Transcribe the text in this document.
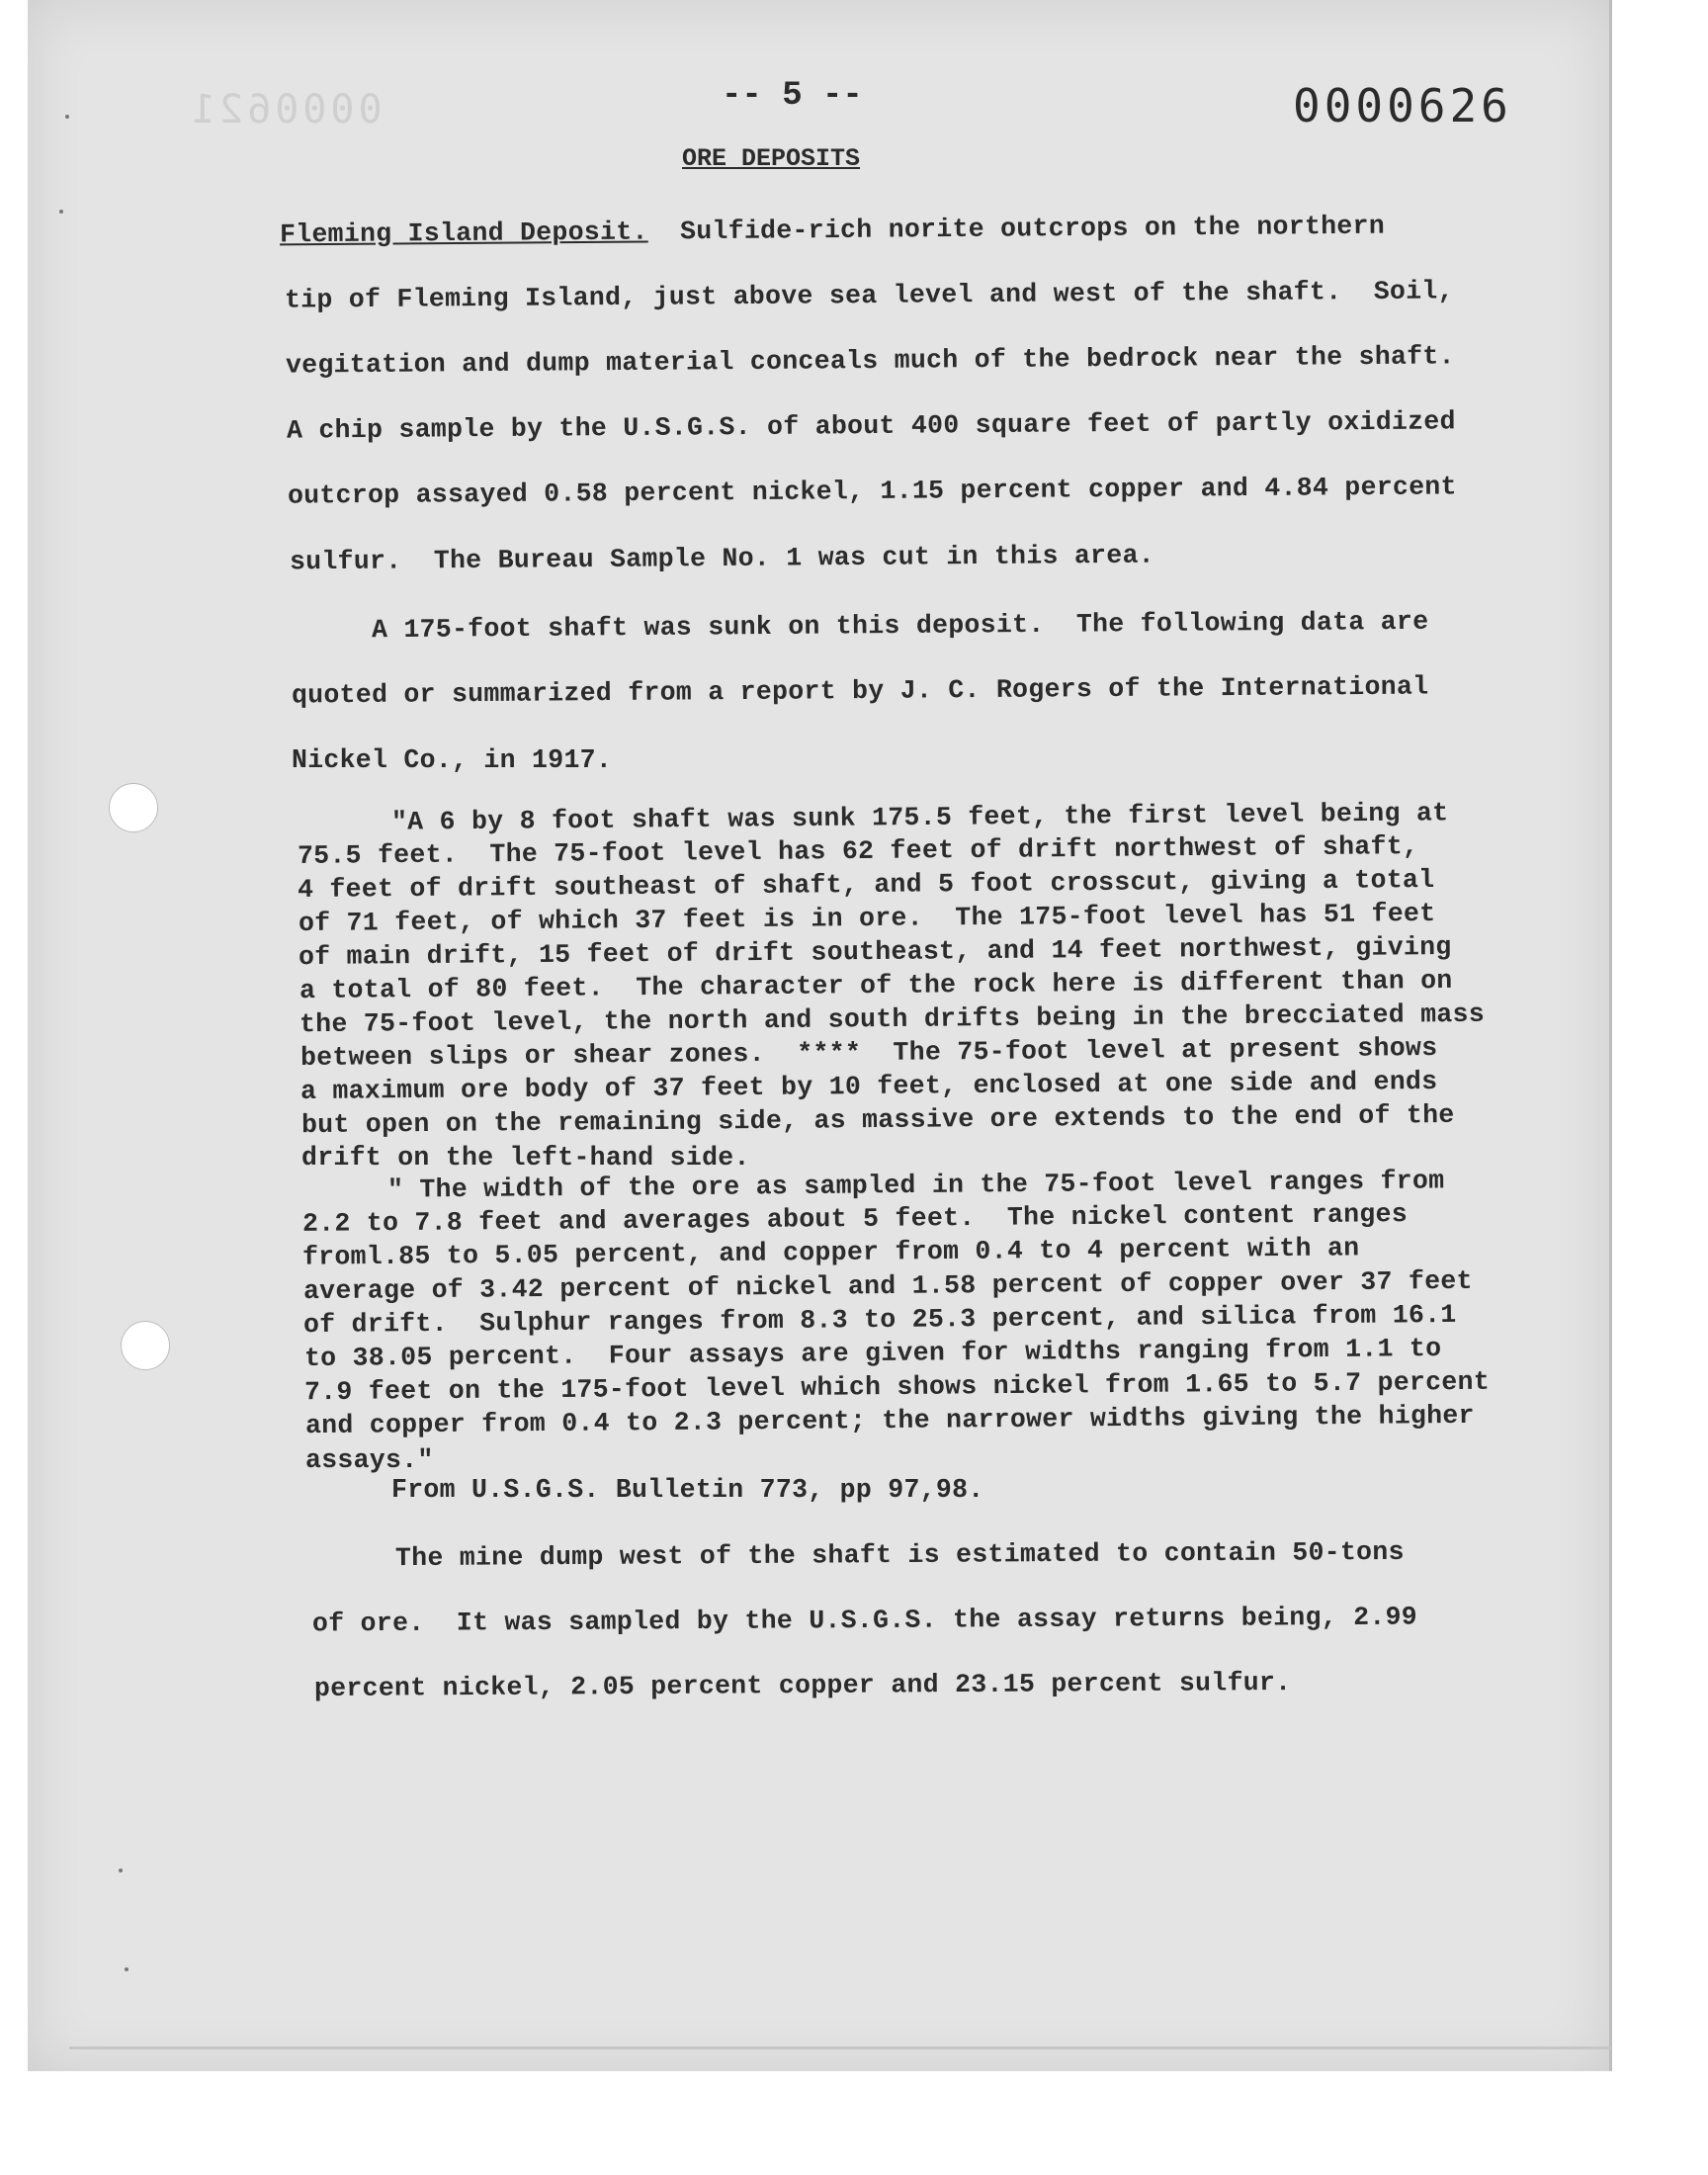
0000621	-- 5 --	0000626
ORE DEPOSITS
Fleming Island Deposit.  Sulfide-rich norite outcrops on the northern
tip of Fleming Island, just above sea level and west of the shaft.  Soil,
vegitation and dump material conceals much of the bedrock near the shaft.
A chip sample by the U.S.G.S. of about 400 square feet of partly oxidized
outcrop assayed 0.58 percent nickel, 1.15 percent copper and 4.84 percent
sulfur.  The Bureau Sample No. 1 was cut in this area.
A 175-foot shaft was sunk on this deposit.  The following data are
quoted or summarized from a report by J. C. Rogers of the International
Nickel Co., in 1917.
"A 6 by 8 foot shaft was sunk 175.5 feet, the first level being at
75.5 feet.  The 75-foot level has 62 feet of drift northwest of shaft,
4 feet of drift southeast of shaft, and 5 foot crosscut, giving a total
of 71 feet, of which 37 feet is in ore.  The 175-foot level has 51 feet
of main drift, 15 feet of drift southeast, and 14 feet northwest, giving
a total of 80 feet.  The character of the rock here is different than on
the 75-foot level, the north and south drifts being in the brecciated mass
between slips or shear zones.  ****  The 75-foot level at present shows
a maximum ore body of 37 feet by 10 feet, enclosed at one side and ends
but open on the remaining side, as massive ore extends to the end of the
drift on the left-hand side.
" The width of the ore as sampled in the 75-foot level ranges from
2.2 to 7.8 feet and averages about 5 feet.  The nickel content ranges
froml.85 to 5.05 percent, and copper from 0.4 to 4 percent with an
average of 3.42 percent of nickel and 1.58 percent of copper over 37 feet
of drift.  Sulphur ranges from 8.3 to 25.3 percent, and silica from 16.1
to 38.05 percent.  Four assays are given for widths ranging from 1.1 to
7.9 feet on the 175-foot level which shows nickel from 1.65 to 5.7 percent
and copper from 0.4 to 2.3 percent; the narrower widths giving the higher
assays."
From U.S.G.S. Bulletin 773, pp 97,98.
The mine dump west of the shaft is estimated to contain 50-tons
of ore.  It was sampled by the U.S.G.S. the assay returns being, 2.99
percent nickel, 2.05 percent copper and 23.15 percent sulfur.
